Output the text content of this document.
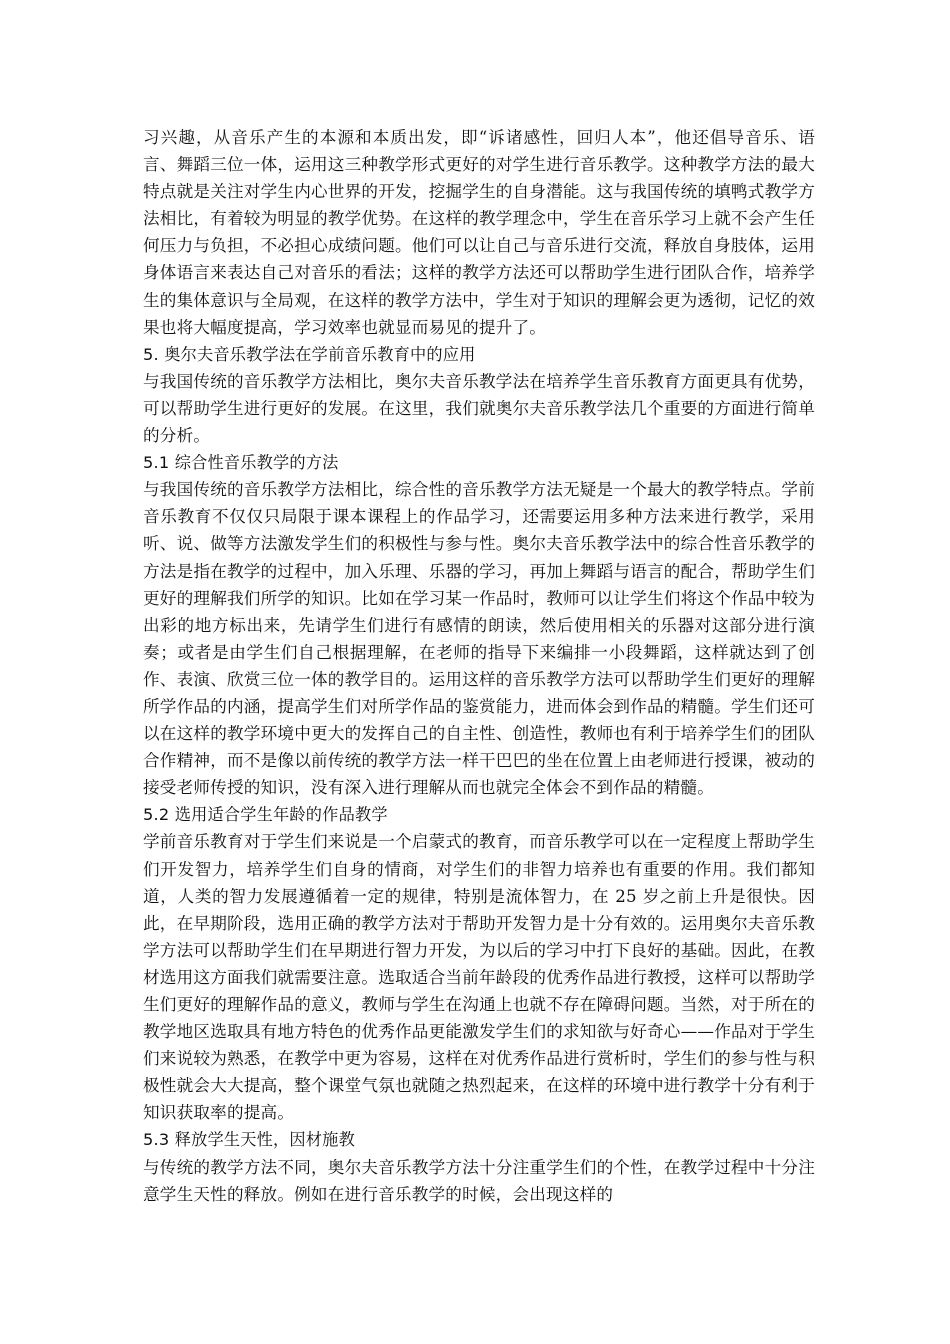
习兴趣，从音乐产生的本源和本质出发，即“诉诸感性，回归人本”，他还倡导音乐、语言、舞蹈三位一体，运用这三种教学形式更好的对学生进行音乐教学。这种教学方法的最大特点就是关注对学生内心世界的开发，挖掘学生的自身潜能。这与我国传统的填鸭式教学方法相比，有着较为明显的教学优势。在这样的教学理念中，学生在音乐学习上就不会产生任何压力与负担，不必担心成绩问题。他们可以让自己与音乐进行交流，释放自身肢体，运用身体语言来表达自己对音乐的看法；这样的教学方法还可以帮助学生进行团队合作，培养学生的集体意识与全局观，在这样的教学方法中，学生对于知识的理解会更为透彻，记忆的效果也将大幅度提高，学习效率也就显而易见的提升了。

5. 奥尔夫音乐教学法在学前音乐教育中的应用

与我国传统的音乐教学方法相比，奥尔夫音乐教学法在培养学生音乐教育方面更具有优势，可以帮助学生进行更好的发展。在这里，我们就奥尔夫音乐教学法几个重要的方面进行简单的分析。

5.1 综合性音乐教学的方法

与我国传统的音乐教学方法相比，综合性的音乐教学方法无疑是一个最大的教学特点。学前音乐教育不仅仅只局限于课本课程上的作品学习，还需要运用多种方法来进行教学，采用听、说、做等方法激发学生们的积极性与参与性。奥尔夫音乐教学法中的综合性音乐教学的方法是指在教学的过程中，加入乐理、乐器的学习，再加上舞蹈与语言的配合，帮助学生们更好的理解我们所学的知识。比如在学习某一作品时，教师可以让学生们将这个作品中较为出彩的地方标出来，先请学生们进行有感情的朗读，然后使用相关的乐器对这部分进行演奏；或者是由学生们自己根据理解，在老师的指导下来编排一小段舞蹈，这样就达到了创作、表演、欣赏三位一体的教学目的。运用这样的音乐教学方法可以帮助学生们更好的理解所学作品的内涵，提高学生们对所学作品的鉴赏能力，进而体会到作品的精髓。学生们还可以在这样的教学环境中更大的发挥自己的自主性、创造性，教师也有利于培养学生们的团队合作精神，而不是像以前传统的教学方法一样干巴巴的坐在位置上由老师进行授课，被动的接受老师传授的知识，没有深入进行理解从而也就完全体会不到作品的精髓。

5.2 选用适合学生年龄的作品教学

学前音乐教育对于学生们来说是一个启蒙式的教育，而音乐教学可以在一定程度上帮助学生们开发智力，培养学生们自身的情商，对学生们的非智力培养也有重要的作用。我们都知道，人类的智力发展遵循着一定的规律，特别是流体智力，在 25 岁之前上升是很快。因此，在早期阶段，选用正确的教学方法对于帮助开发智力是十分有效的。运用奥尔夫音乐教学方法可以帮助学生们在早期进行智力开发，为以后的学习中打下良好的基础。因此，在教材选用这方面我们就需要注意。选取适合当前年龄段的优秀作品进行教授，这样可以帮助学生们更好的理解作品的意义，教师与学生在沟通上也就不存在障碍问题。当然，对于所在的教学地区选取具有地方特色的优秀作品更能激发学生们的求知欲与好奇心——作品对于学生们来说较为熟悉，在教学中更为容易，这样在对优秀作品进行赏析时，学生们的参与性与积极性就会大大提高，整个课堂气氛也就随之热烈起来，在这样的环境中进行教学十分有利于知识获取率的提高。

5.3 释放学生天性，因材施教

与传统的教学方法不同，奥尔夫音乐教学方法十分注重学生们的个性，在教学过程中十分注意学生天性的释放。例如在进行音乐教学的时候，会出现这样的
